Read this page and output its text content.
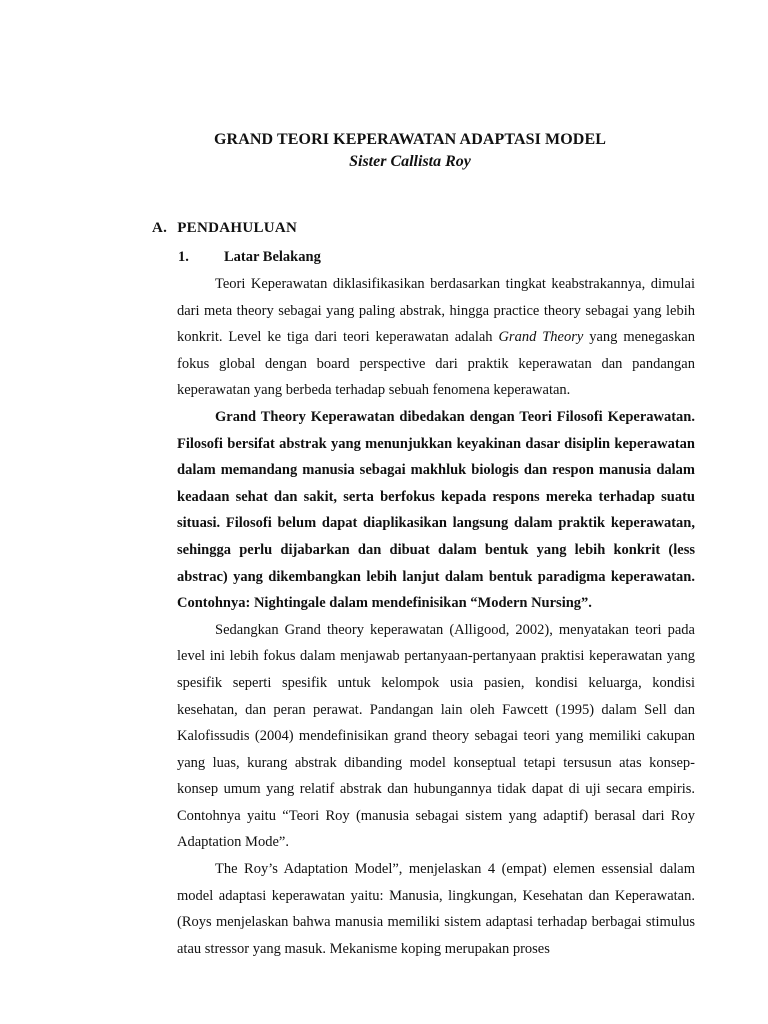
GRAND TEORI KEPERAWATAN ADAPTASI MODEL
Sister Callista Roy
A. PENDAHULUAN
1. Latar Belakang

Teori Keperawatan diklasifikasikan berdasarkan tingkat keabstrakannya, dimulai dari meta theory sebagai yang paling abstrak, hingga practice theory sebagai yang lebih konkrit. Level ke tiga dari teori keperawatan adalah Grand Theory yang menegaskan fokus global dengan board perspective dari praktik keperawatan dan pandangan keperawatan yang berbeda terhadap sebuah fenomena keperawatan.

Grand Theory Keperawatan dibedakan dengan Teori Filosofi Keperawatan. Filosofi bersifat abstrak yang menunjukkan keyakinan dasar disiplin keperawatan dalam memandang manusia sebagai makhluk biologis dan respon manusia dalam keadaan sehat dan sakit, serta berfokus kepada respons mereka terhadap suatu situasi. Filosofi belum dapat diaplikasikan langsung dalam praktik keperawatan, sehingga perlu dijabarkan dan dibuat dalam bentuk yang lebih konkrit (less abstrac) yang dikembangkan lebih lanjut dalam bentuk paradigma keperawatan. Contohnya: Nightingale dalam mendefinisikan “Modern Nursing”.

Sedangkan Grand theory keperawatan (Alligood, 2002), menyatakan teori pada level ini lebih fokus dalam menjawab pertanyaan-pertanyaan praktisi keperawatan yang spesifik seperti spesifik untuk kelompok usia pasien, kondisi keluarga, kondisi kesehatan, dan peran perawat. Pandangan lain oleh Fawcett (1995) dalam Sell dan Kalofissudis (2004) mendefinisikan grand theory sebagai teori yang memiliki cakupan yang luas, kurang abstrak dibanding model konseptual tetapi tersusun atas konsep-konsep umum yang relatif abstrak dan hubungannya tidak dapat di uji secara empiris. Contohnya yaitu “Teori Roy (manusia sebagai sistem yang adaptif) berasal dari Roy Adaptation Mode”.

The Roy’s Adaptation Model”, menjelaskan 4 (empat) elemen essensial dalam model adaptasi keperawatan yaitu: Manusia, lingkungan, Kesehatan dan Keperawatan. (Roys menjelaskan bahwa manusia memiliki sistem adaptasi terhadap berbagai stimulus atau stressor yang masuk. Mekanisme koping merupakan proses
